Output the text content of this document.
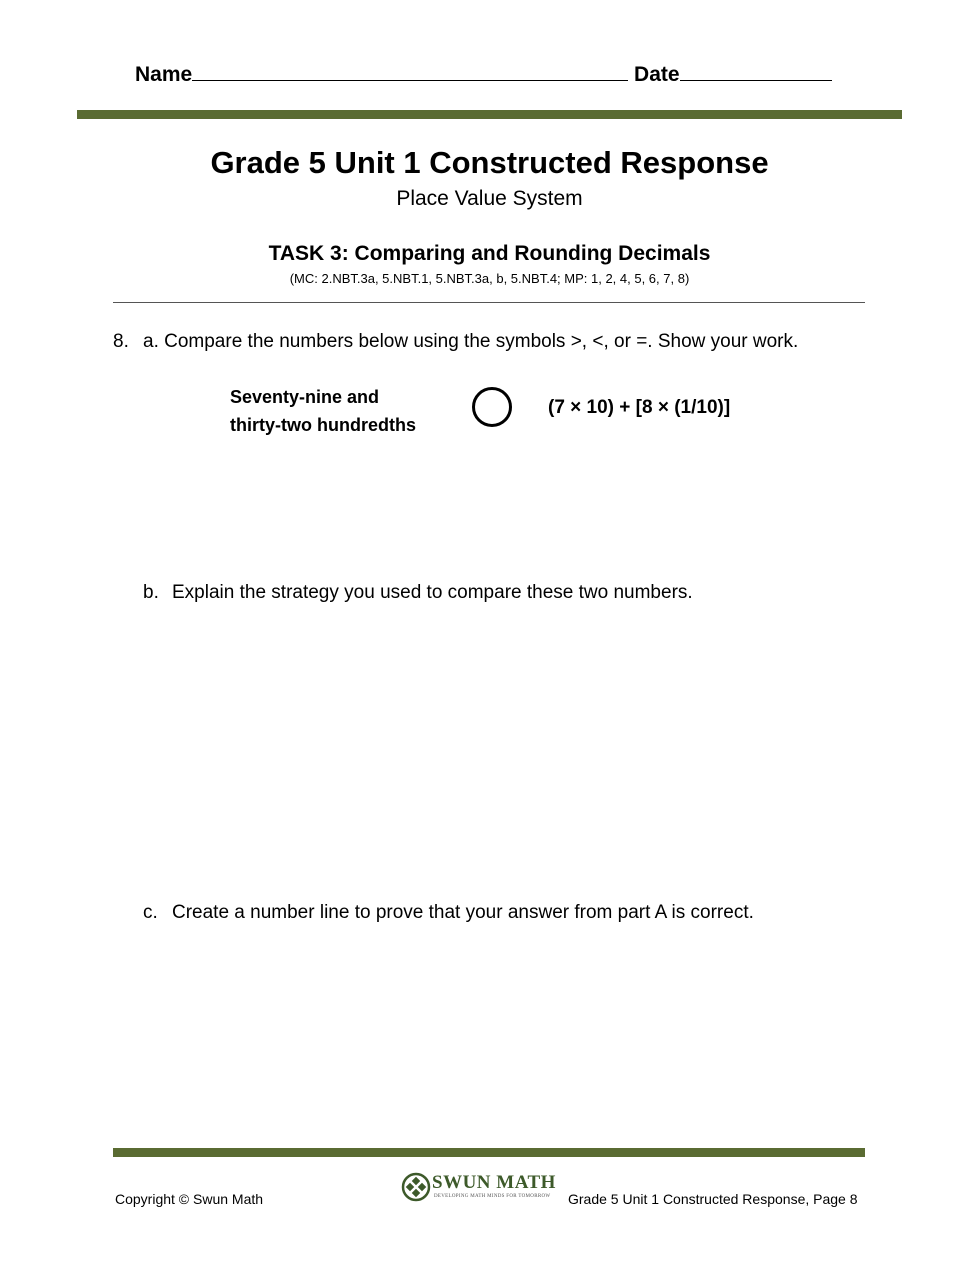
Name	Date
Grade 5 Unit 1 Constructed Response
Place Value System
TASK 3: Comparing and Rounding Decimals
(MC: 2.NBT.3a, 5.NBT.1, 5.NBT.3a, b, 5.NBT.4; MP: 1, 2, 4, 5, 6, 7, 8)
8. a. Compare the numbers below using the symbols >, <, or =. Show your work.
Seventy-nine and
thirty-two hundredths
(7 × 10) + [8 × (1/10)]
b. Explain the strategy you used to compare these two numbers.
c. Create a number line to prove that your answer from part A is correct.
Copyright © Swun Math
SWUN MATH
DEVELOPING MATH MINDS FOR TOMORROW Grade 5 Unit 1 Constructed Response, Page 8
